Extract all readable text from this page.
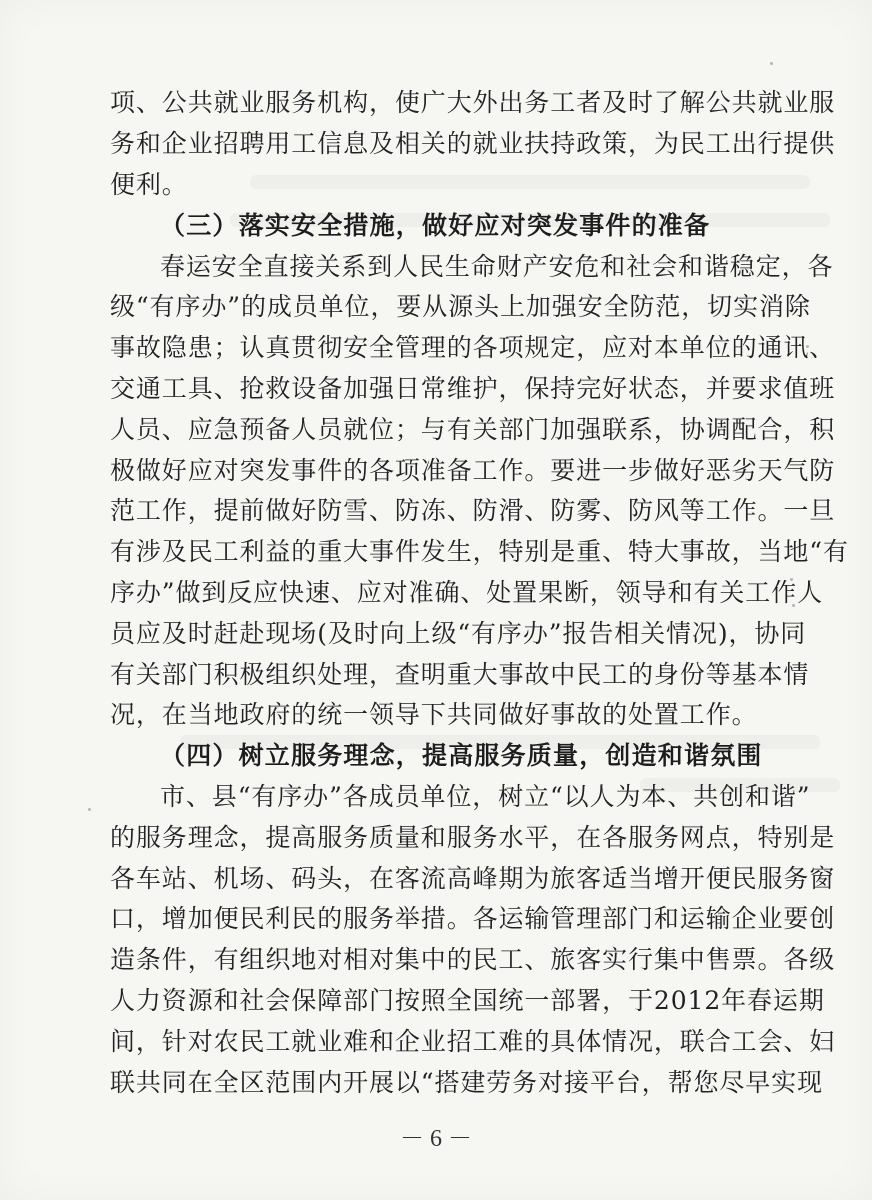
项、公共就业服务机构，使广大外出务工者及时了解公共就业服
务和企业招聘用工信息及相关的就业扶持政策，为民工出行提供
便利。
（三）落实安全措施，做好应对突发事件的准备
春运安全直接关系到人民生命财产安危和社会和谐稳定，各
级“有序办”的成员单位，要从源头上加强安全防范，切实消除
事故隐患；认真贯彻安全管理的各项规定，应对本单位的通讯、
交通工具、抢救设备加强日常维护，保持完好状态，并要求值班
人员、应急预备人员就位；与有关部门加强联系，协调配合，积
极做好应对突发事件的各项准备工作。要进一步做好恶劣天气防
范工作，提前做好防雪、防冻、防滑、防雾、防风等工作。一旦
有涉及民工利益的重大事件发生，特别是重、特大事故，当地“有
序办”做到反应快速、应对准确、处置果断，领导和有关工作人
员应及时赶赴现场(及时向上级“有序办”报告相关情况)，协同
有关部门积极组织处理，查明重大事故中民工的身份等基本情
况，在当地政府的统一领导下共同做好事故的处置工作。
（四）树立服务理念，提高服务质量，创造和谐氛围
市、县“有序办”各成员单位，树立“以人为本、共创和谐”
的服务理念，提高服务质量和服务水平，在各服务网点，特别是
各车站、机场、码头，在客流高峰期为旅客适当增开便民服务窗
口，增加便民利民的服务举措。各运输管理部门和运输企业要创
造条件，有组织地对相对集中的民工、旅客实行集中售票。各级
人力资源和社会保障部门按照全国统一部署，于2012年春运期
间，针对农民工就业难和企业招工难的具体情况，联合工会、妇
联共同在全区范围内开展以“搭建劳务对接平台，帮您尽早实现
－ 6 －
